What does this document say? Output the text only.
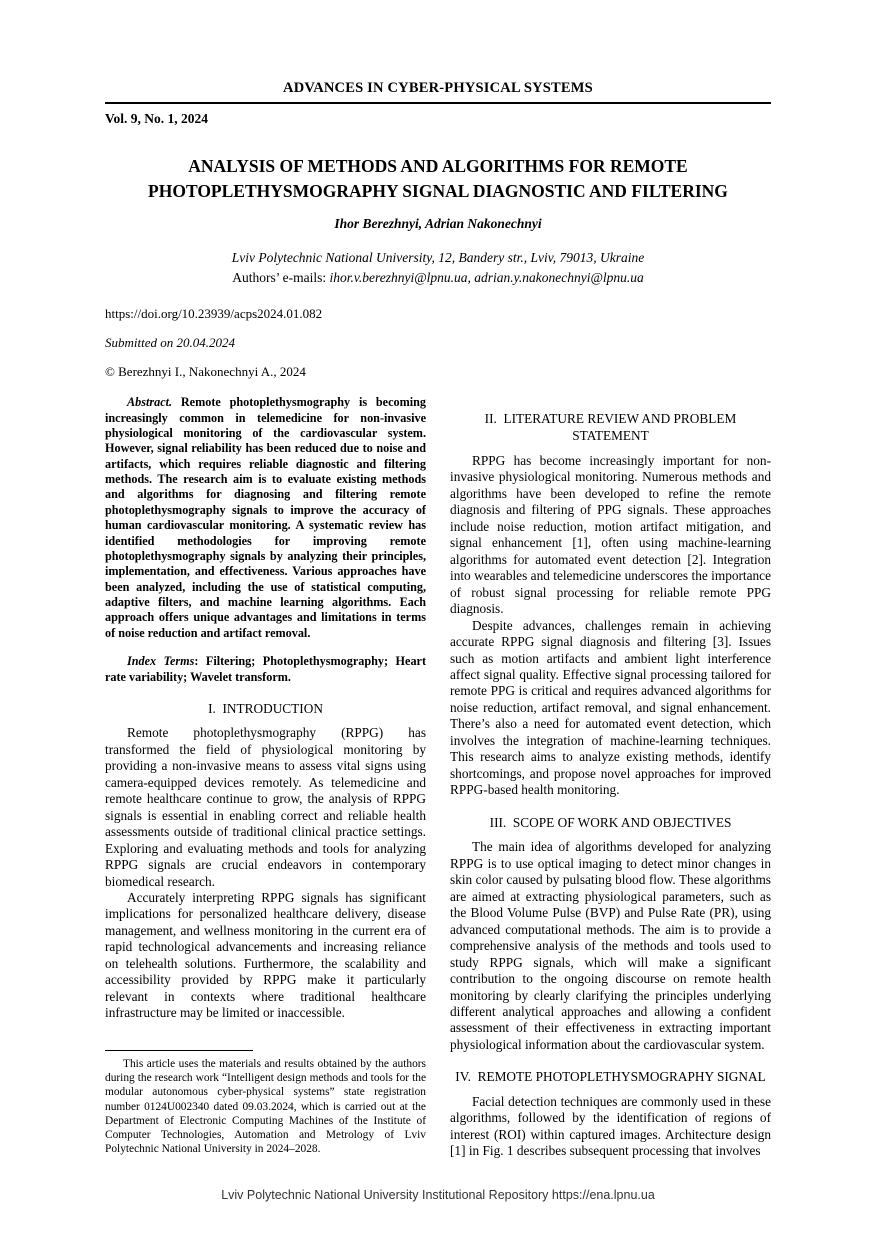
ADVANCES IN CYBER-PHYSICAL SYSTEMS
Vol. 9, No. 1, 2024
ANALYSIS OF METHODS AND ALGORITHMS FOR REMOTE PHOTOPLETHYSMOGRAPHY SIGNAL DIAGNOSTIC AND FILTERING
Ihor Berezhnyi, Adrian Nakonechnyi
Lviv Polytechnic National University, 12, Bandery str., Lviv, 79013, Ukraine
Authors’ e-mails: ihor.v.berezhnyi@lpnu.ua, adrian.y.nakonechnyi@lpnu.ua
https://doi.org/10.23939/acps2024.01.082
Submitted on 20.04.2024
© Berezhnyi I., Nakonechnyi A., 2024

Abstract. Remote photoplethysmography is becoming increasingly common in telemedicine for non-invasive physiological monitoring of the cardiovascular system. However, signal reliability has been reduced due to noise and artifacts, which requires reliable diagnostic and filtering methods. The research aim is to evaluate existing methods and algorithms for diagnosing and filtering remote photoplethysmography signals to improve the accuracy of human cardiovascular monitoring. A systematic review has identified methodologies for improving remote photoplethysmography signals by analyzing their principles, implementation, and effectiveness. Various approaches have been analyzed, including the use of statistical computing, adaptive filters, and machine learning algorithms. Each approach offers unique advantages and limitations in terms of noise reduction and artifact removal.

Index Terms: Filtering; Photoplethysmography; Heart rate variability; Wavelet transform.

I.  INTRODUCTION

Remote photoplethysmography (RPPG) has transformed the field of physiological monitoring by providing a non-invasive means to assess vital signs using camera-equipped devices remotely. As telemedicine and remote healthcare continue to grow, the analysis of RPPG signals is essential in enabling correct and reliable health assessments outside of traditional clinical practice settings. Exploring and evaluating methods and tools for analyzing RPPG signals are crucial endeavors in contemporary biomedical research.

Accurately interpreting RPPG signals has significant implications for personalized healthcare delivery, disease management, and wellness monitoring in the current era of rapid technological advancements and increasing reliance on telehealth solutions. Furthermore, the scalability and accessibility provided by RPPG make it particularly relevant in contexts where traditional healthcare infrastructure may be limited or inaccessible.

This article uses the materials and results obtained by the authors during the research work “Intelligent design methods and tools for the modular autonomous cyber-physical systems” state registration number 0124U002340 dated 09.03.2024, which is carried out at the Department of Electronic Computing Machines of the Institute of Computer Technologies, Automation and Metrology of Lviv Polytechnic National University in 2024–2028.

II.  LITERATURE REVIEW AND PROBLEM STATEMENT

RPPG has become increasingly important for non-invasive physiological monitoring. Numerous methods and algorithms have been developed to refine the remote diagnosis and filtering of PPG signals. These approaches include noise reduction, motion artifact mitigation, and signal enhancement [1], often using machine-learning algorithms for automated event detection [2]. Integration into wearables and telemedicine underscores the importance of robust signal processing for reliable remote PPG diagnosis.

Despite advances, challenges remain in achieving accurate RPPG signal diagnosis and filtering [3]. Issues such as motion artifacts and ambient light interference affect signal quality. Effective signal processing tailored for remote PPG is critical and requires advanced algorithms for noise reduction, artifact removal, and signal enhancement. There’s also a need for automated event detection, which involves the integration of machine-learning techniques. This research aims to analyze existing methods, identify shortcomings, and propose novel approaches for improved RPPG-based health monitoring.

III.  SCOPE OF WORK AND OBJECTIVES

The main idea of algorithms developed for analyzing RPPG is to use optical imaging to detect minor changes in skin color caused by pulsating blood flow. These algorithms are aimed at extracting physiological parameters, such as the Blood Volume Pulse (BVP) and Pulse Rate (PR), using advanced computational methods. The aim is to provide a comprehensive analysis of the methods and tools used to study RPPG signals, which will make a significant contribution to the ongoing discourse on remote health monitoring by clearly clarifying the principles underlying different analytical approaches and allowing a confident assessment of their effectiveness in extracting important physiological information about the cardiovascular system.

IV.  REMOTE PHOTOPLETHYSMOGRAPHY SIGNAL

Facial detection techniques are commonly used in these algorithms, followed by the identification of regions of interest (ROI) within captured images. Architecture design [1] in Fig. 1 describes subsequent processing that involves

Lviv Polytechnic National University Institutional Repository https://ena.lpnu.ua
